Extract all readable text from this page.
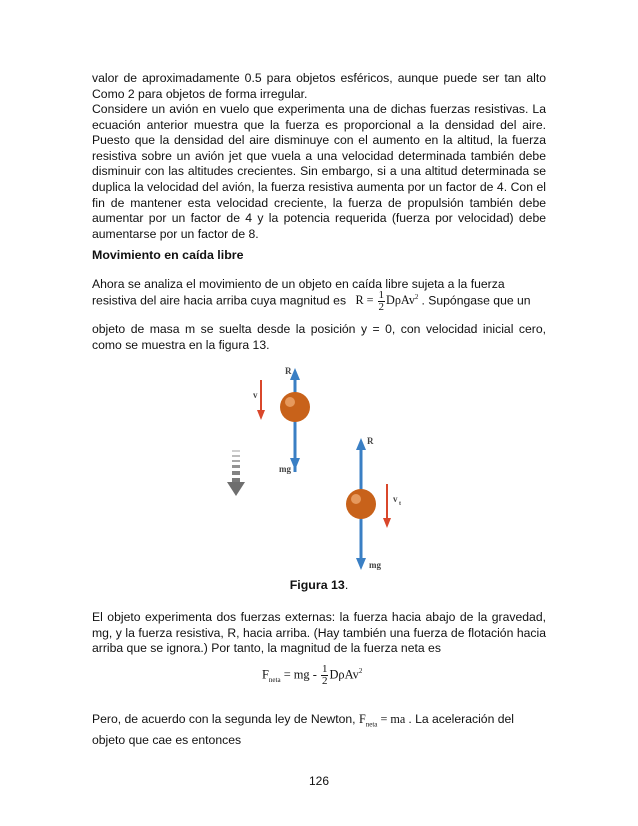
valor de aproximadamente 0.5 para objetos esféricos, aunque puede ser tan alto Como 2 para objetos de forma irregular.
Considere un avión en vuelo que experimenta una de dichas fuerzas resistivas. La ecuación anterior muestra que la fuerza es proporcional a la densidad del aire. Puesto que la densidad del aire disminuye con el aumento en la altitud, la fuerza resistiva sobre un avión jet que vuela a una velocidad determinada también debe disminuir con las altitudes crecientes. Sin embargo, si a una altitud determinada se duplica la velocidad del avión, la fuerza resistiva aumenta por un factor de 4. Con el fin de mantener esta velocidad creciente, la fuerza de propulsión también debe aumentar por un factor de 4 y la potencia requerida (fuerza por velocidad) debe aumentarse por un factor de 8.
Movimiento en caída libre
Ahora se analiza el movimiento de un objeto en caída libre sujeta a la fuerza
resistiva del aire hacia arriba cuya magnitud es $R = \frac{1}{2} D\rho Av^2$ . Supóngase que un
objeto de masa m se suelta desde la posición y = 0, con velocidad inicial cero, como se muestra en la figura 13.
R
mg
v
R
mg
v t
Figura 13.
El objeto experimenta dos fuerzas externas: la fuerza hacia abajo de la gravedad, mg, y la fuerza resistiva, R, hacia arriba. (Hay también una fuerza de flotación hacia arriba que se ignora.) Por tanto, la magnitud de la fuerza neta es
$F_{neta}$ = mg - $\frac{1}{2} D\rho Av^2$
Pero, de acuerdo con la segunda ley de Newton, $F_{neta}$ = ma . La aceleración del
objeto que cae es entonces
126
